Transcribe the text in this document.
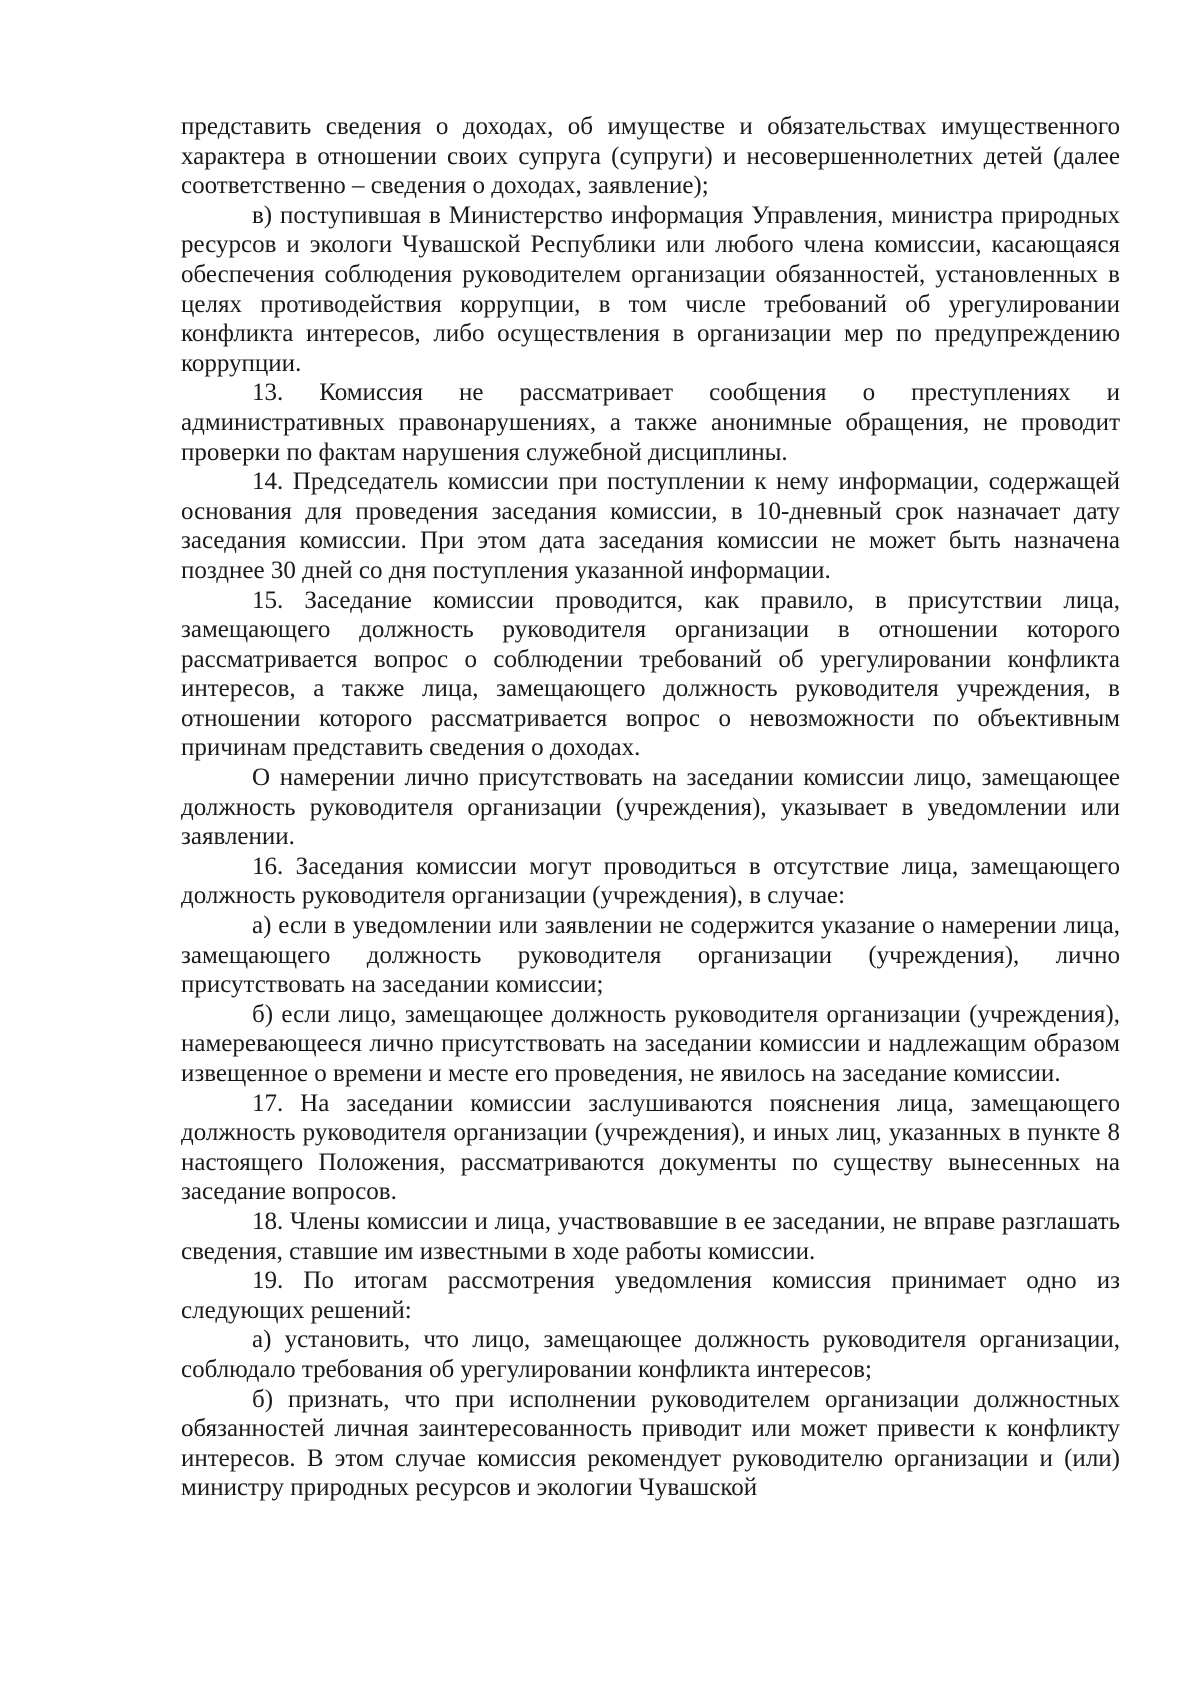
представить сведения о доходах, об имуществе и обязательствах имущественного характера в отношении своих супруга (супруги) и несовершеннолетних детей (далее соответственно – сведения о доходах, заявление);

в) поступившая в Министерство информация Управления, министра природных ресурсов и экологи Чувашской Республики или любого члена комиссии, касающаяся обеспечения соблюдения руководителем организации обязанностей, установленных в целях противодействия коррупции, в том числе требований об урегулировании конфликта интересов, либо осуществления в организации мер по предупреждению коррупции.

13. Комиссия не рассматривает сообщения о преступлениях и административных правонарушениях, а также анонимные обращения, не проводит проверки по фактам нарушения служебной дисциплины.

14. Председатель комиссии при поступлении к нему информации, содержащей основания для проведения заседания комиссии, в 10-дневный срок назначает дату заседания комиссии. При этом дата заседания комиссии не может быть назначена позднее 30 дней со дня поступления указанной информации.

15. Заседание комиссии проводится, как правило, в присутствии лица, замещающего должность руководителя организации в отношении которого рассматривается вопрос о соблюдении требований об урегулировании конфликта интересов, а также лица, замещающего должность руководителя учреждения, в отношении которого рассматривается вопрос о невозможности по объективным причинам представить сведения о доходах.

О намерении лично присутствовать на заседании комиссии лицо, замещающее должность руководителя организации (учреждения), указывает в уведомлении или заявлении.

16. Заседания комиссии могут проводиться в отсутствие лица, замещающего должность руководителя организации (учреждения), в случае:

а) если в уведомлении или заявлении не содержится указание о намерении лица, замещающего должность руководителя организации (учреждения), лично присутствовать на заседании комиссии;

б) если лицо, замещающее должность руководителя организации (учреждения), намеревающееся лично присутствовать на заседании комиссии и надлежащим образом извещенное о времени и месте его проведения, не явилось на заседание комиссии.

17. На заседании комиссии заслушиваются пояснения лица, замещающего должность руководителя организации (учреждения), и иных лиц, указанных в пункте 8 настоящего Положения, рассматриваются документы по существу вынесенных на заседание вопросов.

18. Члены комиссии и лица, участвовавшие в ее заседании, не вправе разглашать сведения, ставшие им известными в ходе работы комиссии.

19. По итогам рассмотрения уведомления комиссия принимает одно из следующих решений:

а) установить, что лицо, замещающее должность руководителя организации, соблюдало требования об урегулировании конфликта интересов;

б) признать, что при исполнении руководителем организации должностных обязанностей личная заинтересованность приводит или может привести к конфликту интересов. В этом случае комиссия рекомендует руководителю организации и (или) министру природных ресурсов и экологии Чувашской
